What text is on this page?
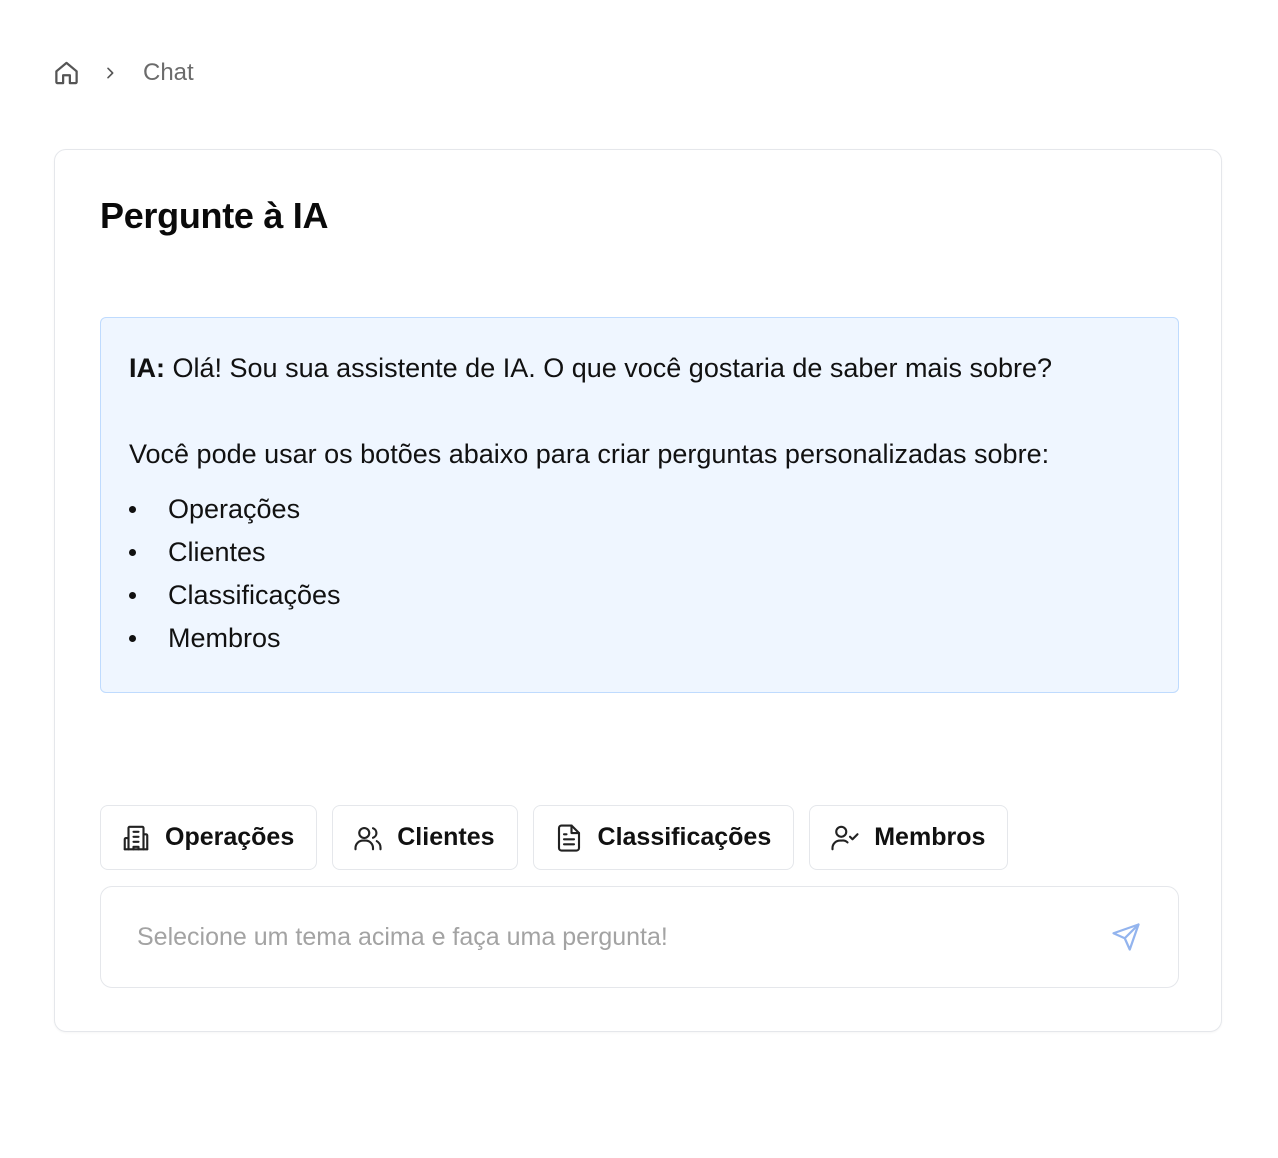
Chat
Pergunte à IA
IA: Olá! Sou sua assistente de IA. O que você gostaria de saber mais sobre?
Você pode usar os botões abaixo para criar perguntas personalizadas sobre:
Operações
Clientes
Classificações
Membros
Operações	Clientes	Classificações	Membros
Selecione um tema acima e faça uma pergunta!
